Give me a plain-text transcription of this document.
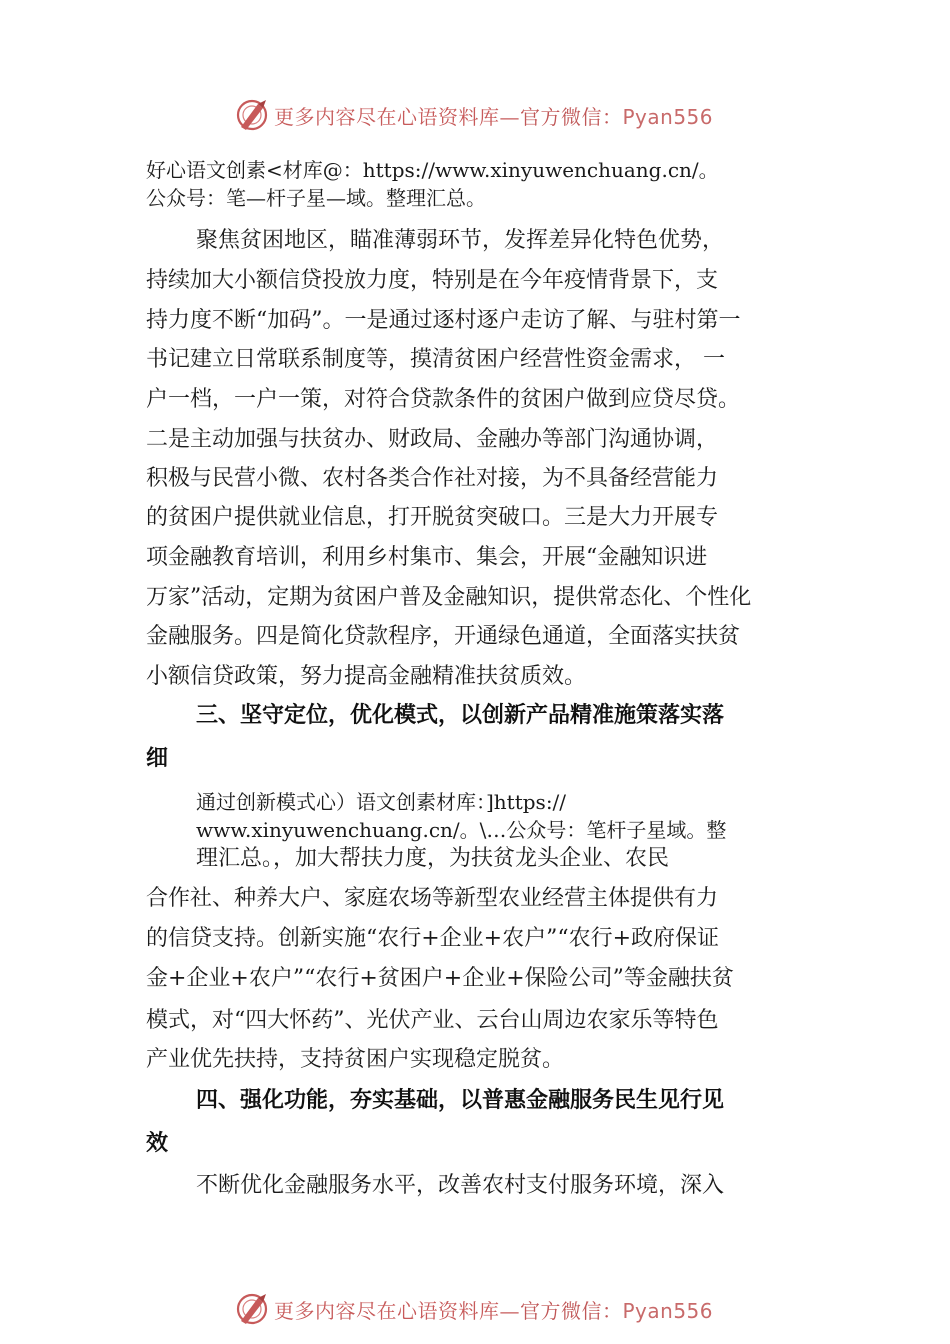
更多内容尽在心语资料库—官方微信：Pyan556
好心语文创素<材库@：https://www.xinyuwenchuang.cn/。
公众号：笔—杆子星—域。整理汇总。
聚焦贫困地区，瞄准薄弱环节，发挥差异化特色优势，
持续加大小额信贷投放力度，特别是在今年疫情背景下，支
持力度不断“加码”。一是通过逐村逐户走访了解、与驻村第一
书记建立日常联系制度等，摸清贫困户经营性资金需求， 一
户一档，一户一策，对符合贷款条件的贫困户做到应贷尽贷。
二是主动加强与扶贫办、财政局、金融办等部门沟通协调，
积极与民营小微、农村各类合作社对接，为不具备经营能力
的贫困户提供就业信息，打开脱贫突破口。三是大力开展专
项金融教育培训，利用乡村集市、集会，开展“金融知识进
万家”活动，定期为贫困户普及金融知识，提供常态化、个性化
金融服务。四是简化贷款程序，开通绿色通道，全面落实扶贫
小额信贷政策，努力提高金融精准扶贫质效。
三、坚守定位，优化模式，以创新产品精准施策落实落
细
通过创新模式心）语文创素材库：]https://
www.xinyuwenchuang.cn/。\…公众号：笔杆子星域。整
理汇总。，加大帮扶力度，为扶贫龙头企业、农民
合作社、种养大户、家庭农场等新型农业经营主体提供有力
的信贷支持。创新实施“农行+企业+农户”“农行+政府保证
金+企业+农户”“农行+贫困户+企业+保险公司”等金融扶贫
模式，对“四大怀药”、光伏产业、云台山周边农家乐等特色
产业优先扶持，支持贫困户实现稳定脱贫。
四、强化功能，夯实基础，以普惠金融服务民生见行见
效
不断优化金融服务水平，改善农村支付服务环境，深入
更多内容尽在心语资料库—官方微信：Pyan556
